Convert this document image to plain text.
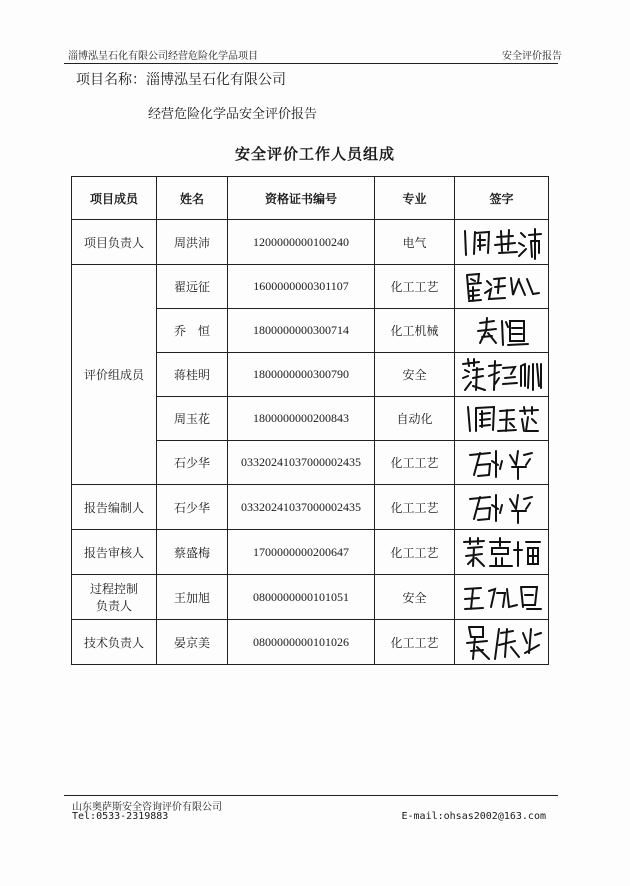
淄博泓呈石化有限公司经营危险化学品项目	安全评价报告
项目名称：淄博泓呈石化有限公司
经营危险化学品安全评价报告
安全评价工作人员组成
项目成员	姓名	资格证书编号	专业	签字
项目负责人	周洪沛	1200000000100240	电气	

评价组成员	翟远征	1600000000301107	化工工艺	

	乔　恒	1800000000300714	化工机械	

	蒋桂明	1800000000300790	安全	

	周玉花	1800000000200843	自动化	

	石少华	03320241037000002435	化工工艺	

报告编制人	石少华	03320241037000002435	化工工艺	

报告审核人	蔡盛梅	1700000000200647	化工工艺	

过程控制
负责人	王加旭	0800000000101051	安全	

技术负责人	晏京美	0800000000101026	化工工艺	
山东奥萨斯安全咨询评价有限公司
Tel:0533-2319883	E-mail:ohsas2002@163.com
